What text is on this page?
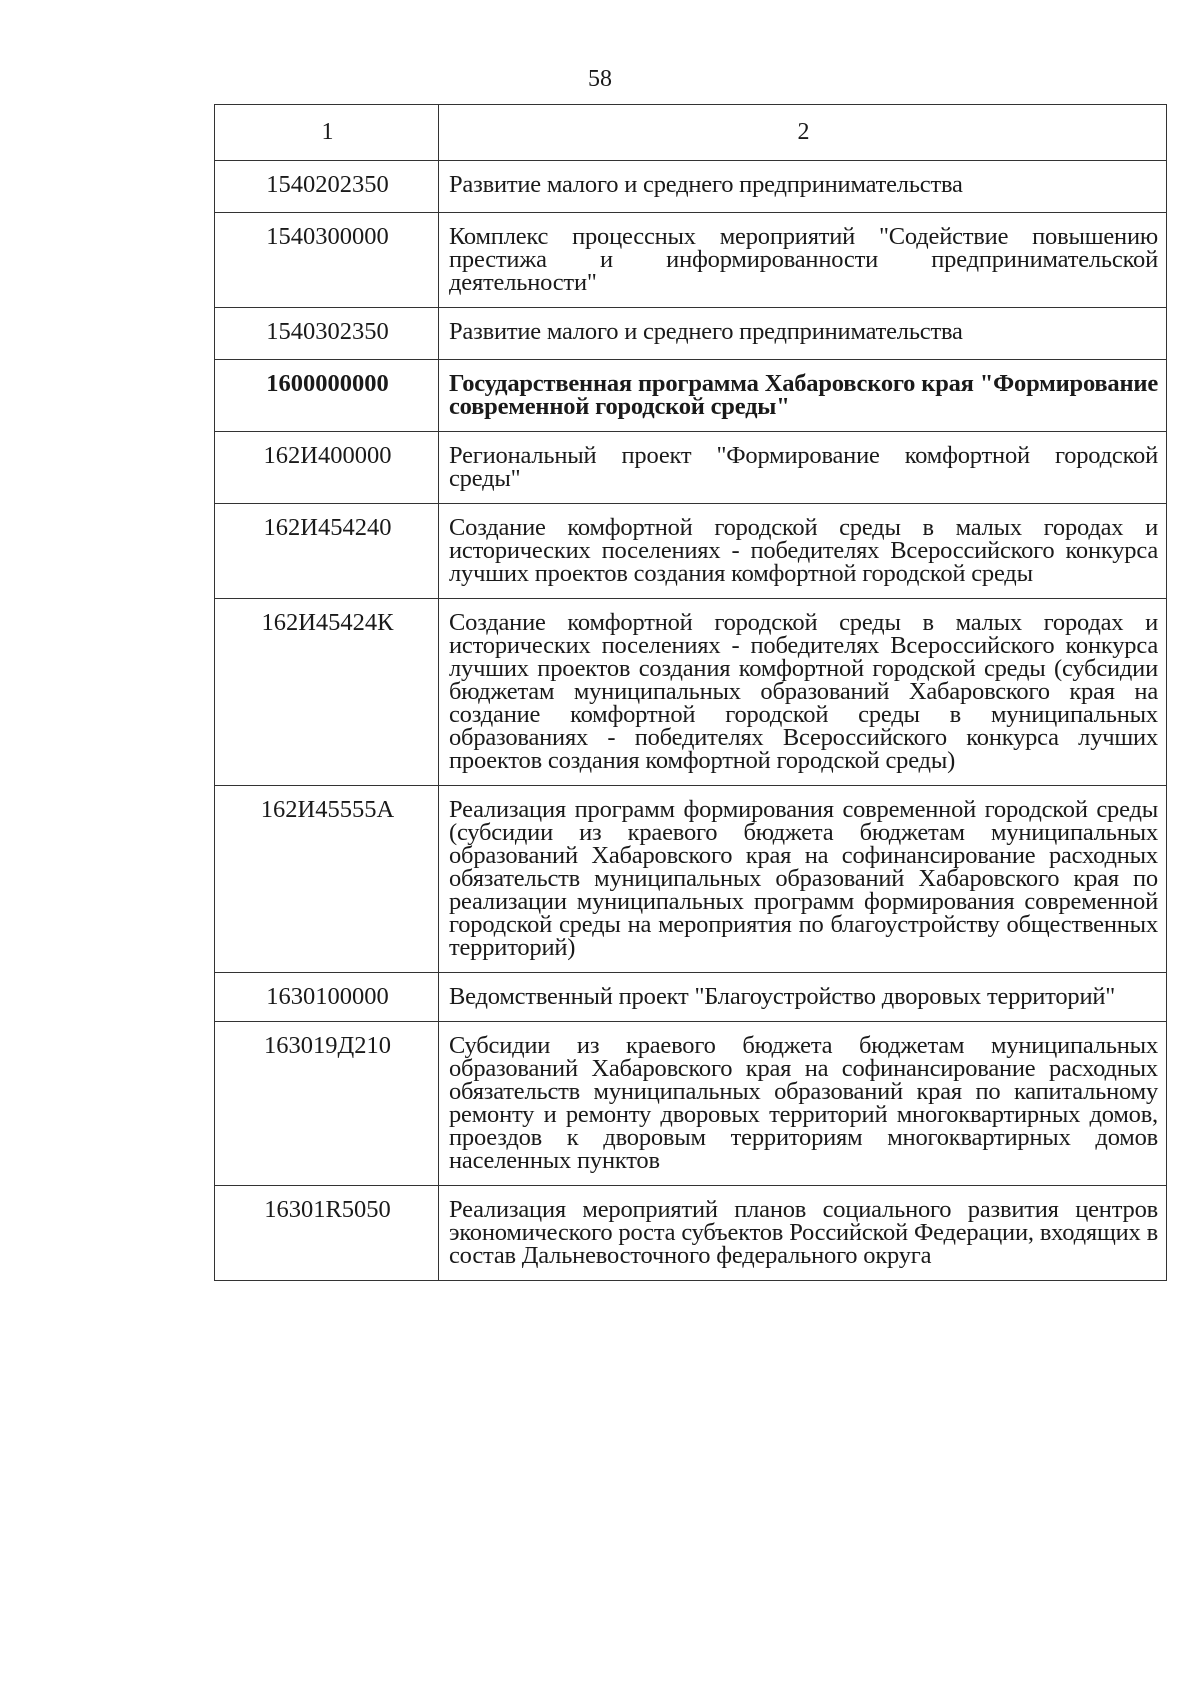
58
1	2
1540202350	Развитие малого и среднего предпринимательства
1540300000	Комплекс процессных мероприятий "Содействие повышению престижа и информированности предпринимательской деятельности"
1540302350	Развитие малого и среднего предпринимательства
1600000000	Государственная программа Хабаровского края "Формирование современной городской среды"
162И400000	Региональный проект "Формирование комфортной городской среды"
162И454240	Создание комфортной городской среды в малых городах и исторических поселениях - победителях Всероссийского конкурса лучших проектов создания комфортной городской среды
162И45424К	Создание комфортной городской среды в малых городах и исторических поселениях - победителях Всероссийского конкурса лучших проектов создания комфортной городской среды (субсидии бюджетам муниципальных образований Хабаровского края на создание комфортной городской среды в муниципальных образованиях - победителях Всероссийского конкурса лучших проектов создания комфортной городской среды)
162И45555А	Реализация программ формирования современной городской среды (субсидии из краевого бюджета бюджетам муниципальных образований Хабаровского края на софинансирование расходных обязательств муниципальных образований Хабаровского края по реализации муниципальных программ формирования современной городской среды на мероприятия по благоустройству общественных территорий)
1630100000	Ведомственный проект "Благоустройство дворовых территорий"
163019Д210	Субсидии из краевого бюджета бюджетам муниципальных образований Хабаровского края на софинансирование расходных обязательств муниципальных образований края по капитальному ремонту и ремонту дворовых территорий многоквартирных домов, проездов к дворовым территориям многоквартирных домов населенных пунктов
16301R5050	Реализация мероприятий планов социального развития центров экономического роста субъектов Российской Федерации, входящих в состав Дальневосточного федерального округа
